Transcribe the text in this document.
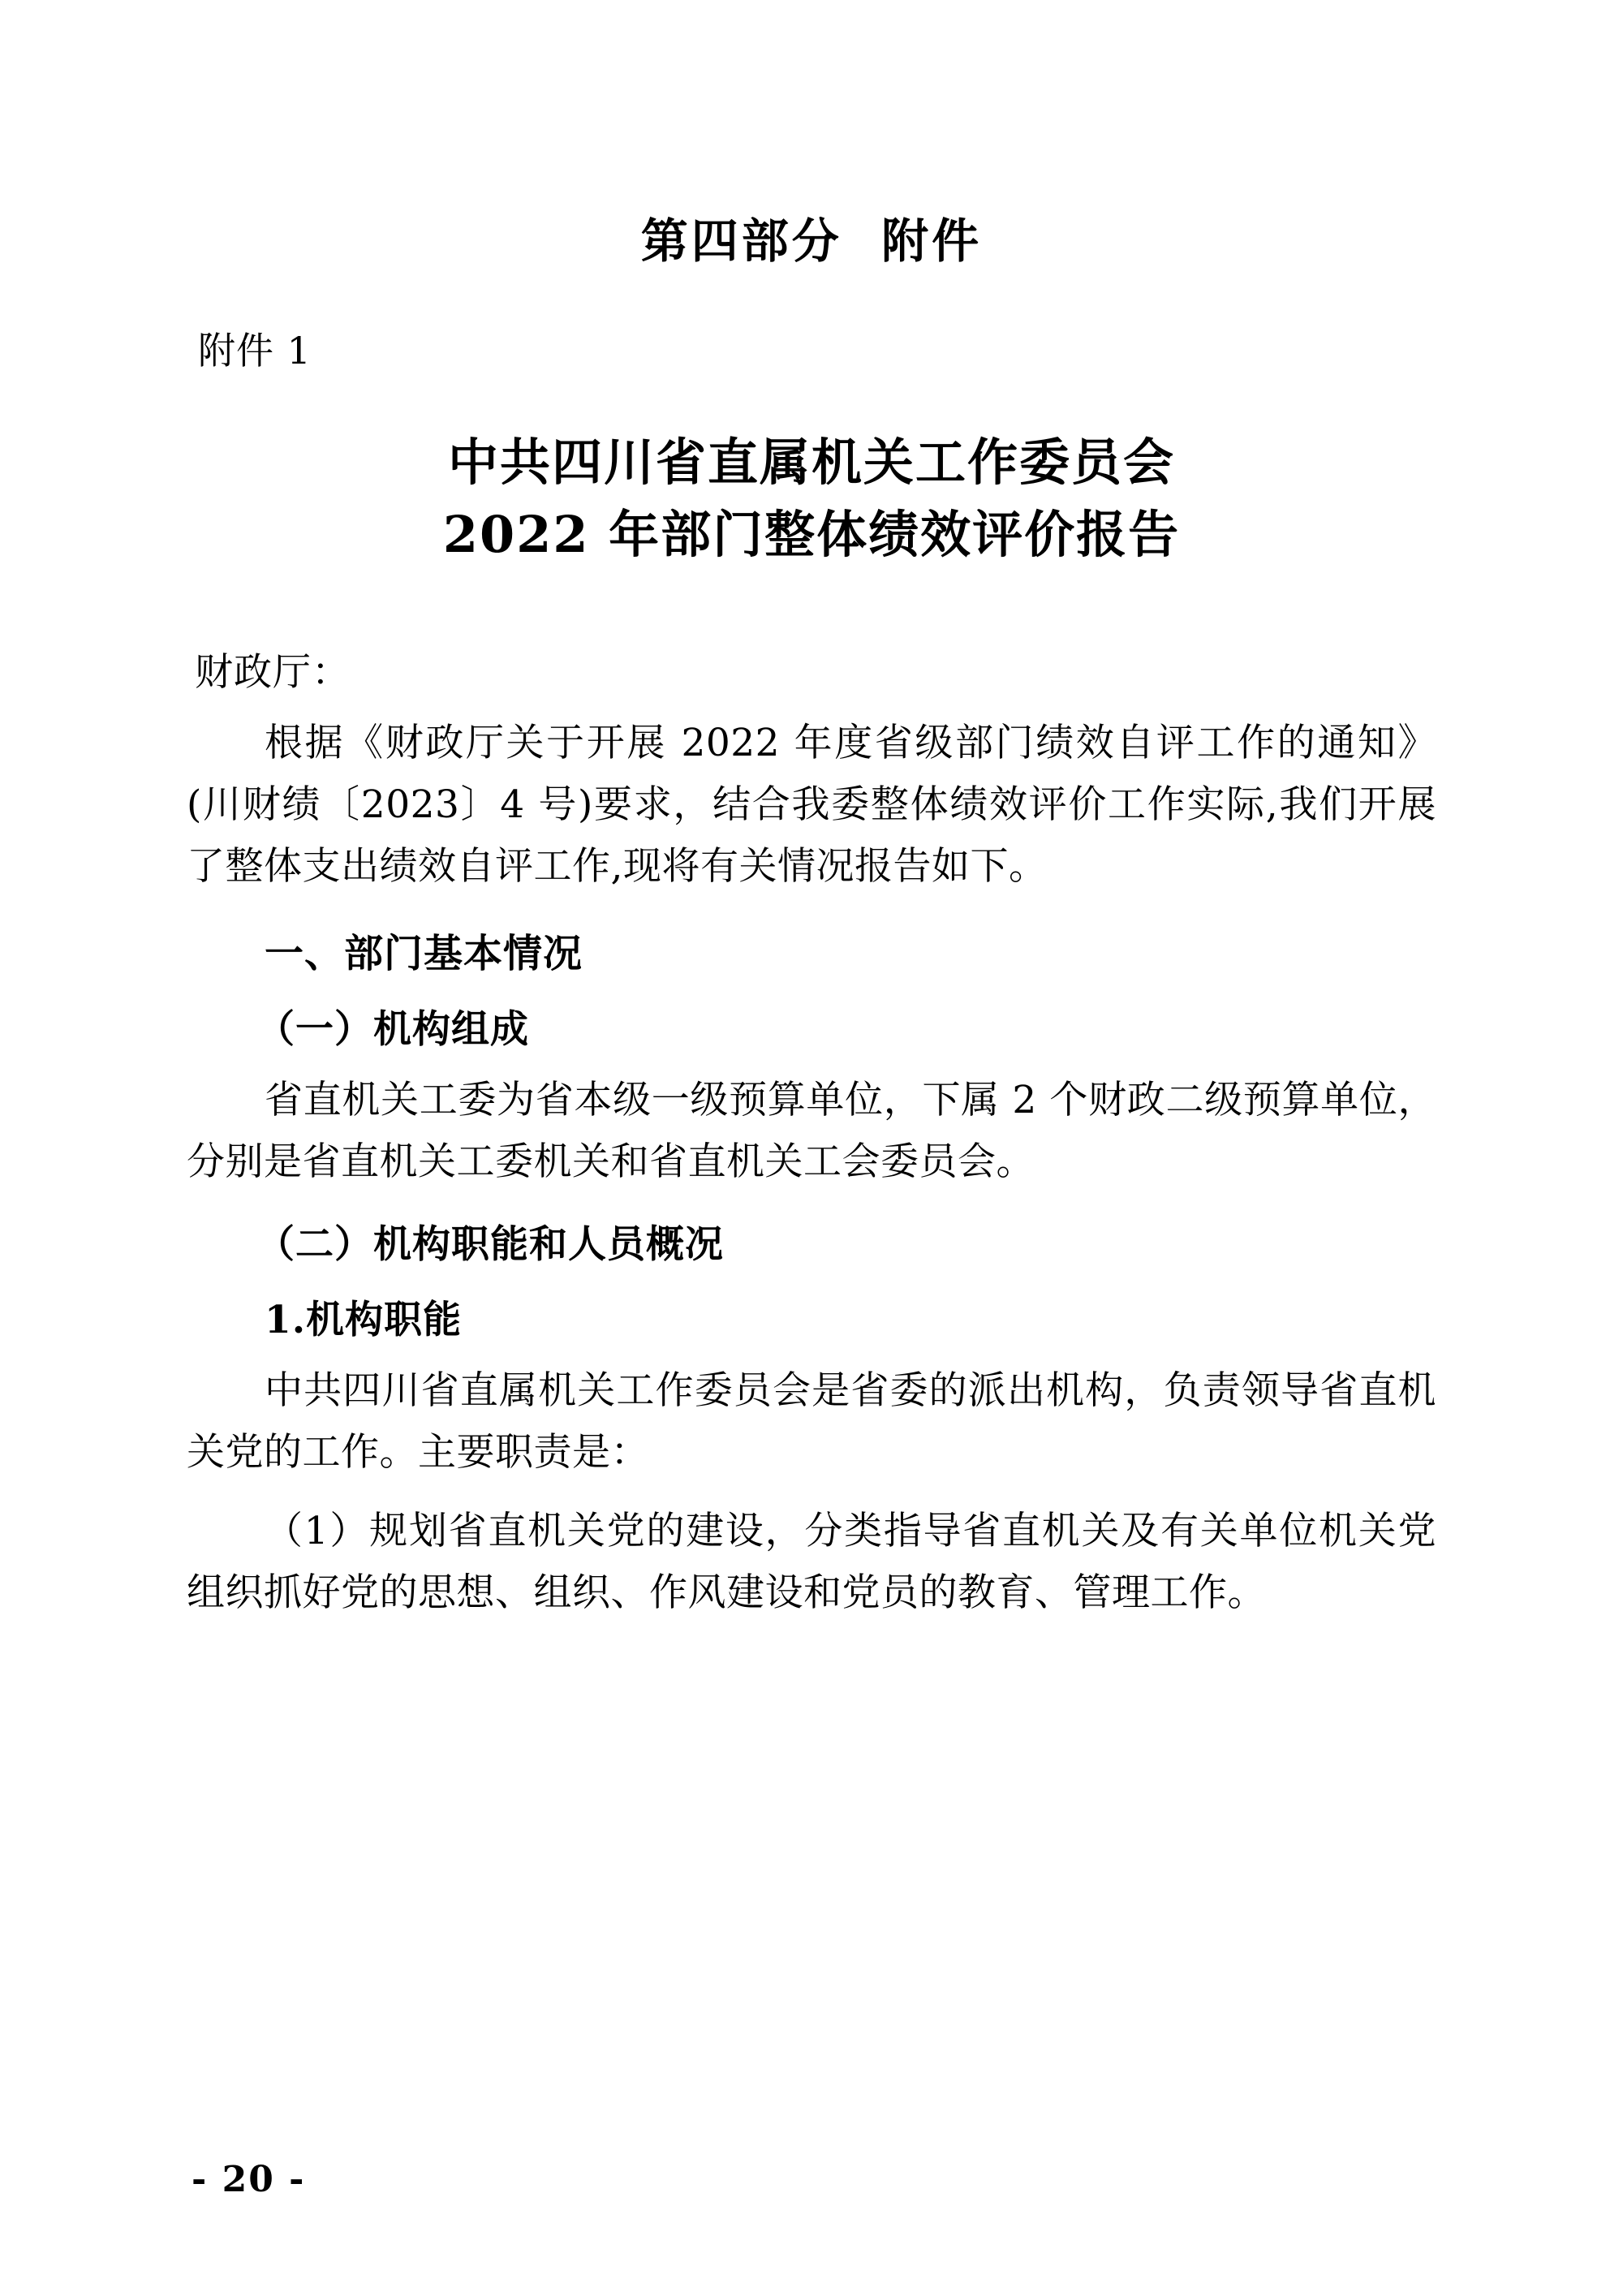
第四部分  附件
附件 1
中共四川省直属机关工作委员会
2022 年部门整体绩效评价报告
财政厅：

根据《财政厅关于开展 2022 年度省级部门绩效自评工作的通知》(川财绩〔2023〕4 号)要求，结合我委整体绩效评价工作实际,我们开展了整体支出绩效自评工作,现将有关情况报告如下。

一、部门基本情况

（一）机构组成

省直机关工委为省本级一级预算单位，下属 2 个财政二级预算单位，分别是省直机关工委机关和省直机关工会委员会。

（二）机构职能和人员概况

1.机构职能

中共四川省直属机关工作委员会是省委的派出机构，负责领导省直机关党的工作。主要职责是：

（1）规划省直机关党的建设，分类指导省直机关及有关单位机关党组织抓好党的思想、组织、作风建设和党员的教育、管理工作。

- 20 -
